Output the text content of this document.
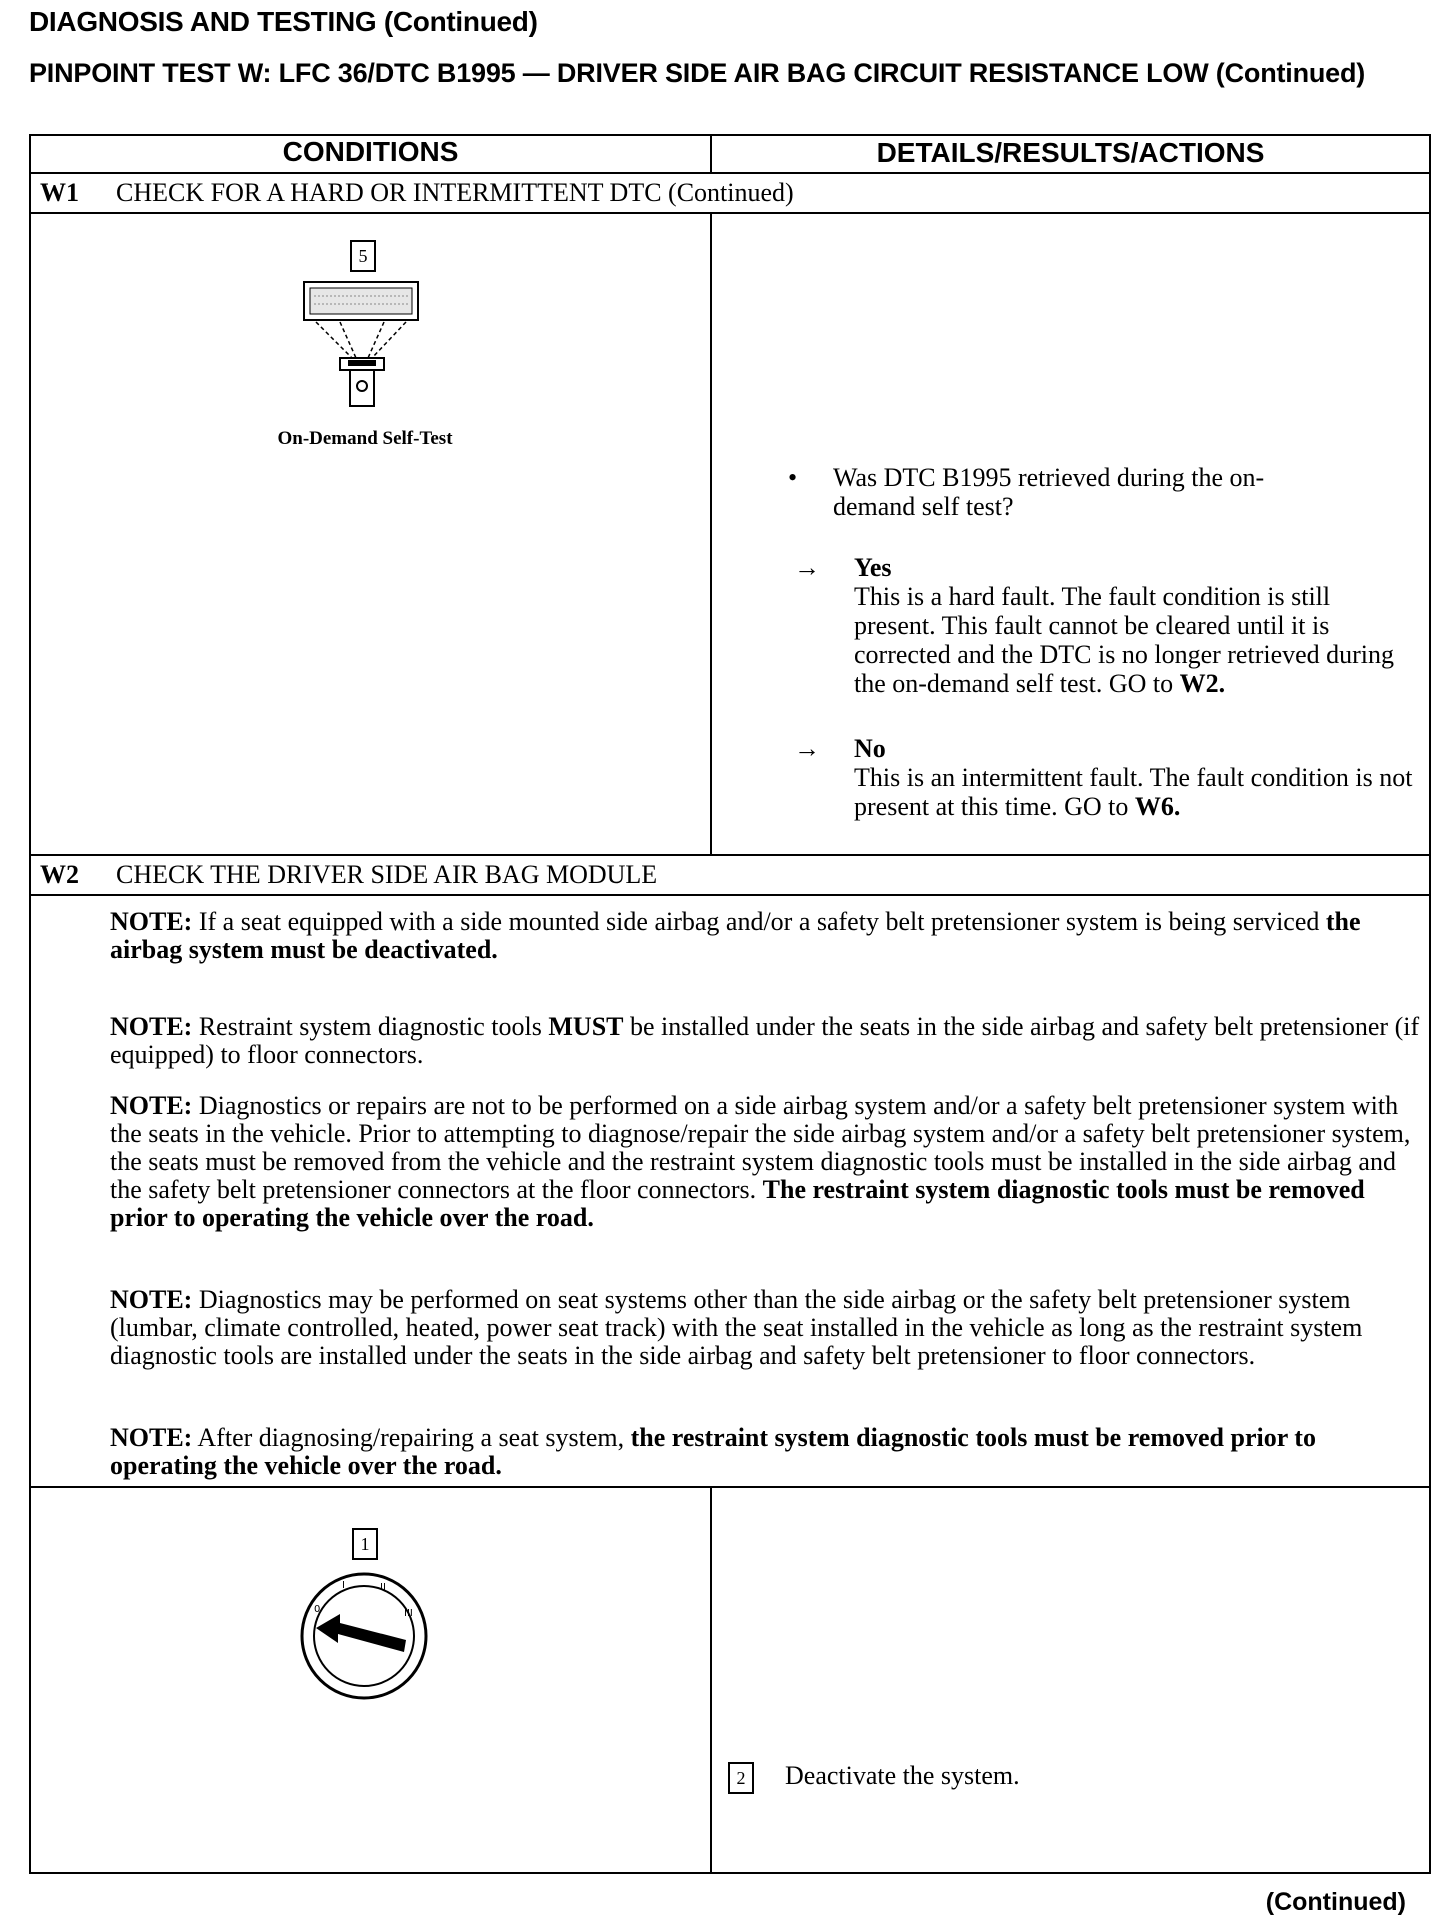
DIAGNOSIS AND TESTING (Continued)
PINPOINT TEST W: LFC 36/DTC B1995 — DRIVER SIDE AIR BAG CIRCUIT RESISTANCE LOW (Continued)
CONDITIONS	DETAILS/RESULTS/ACTIONS
W1 CHECK FOR A HARD OR INTERMITTENT DTC (Continued)
5
On-Demand Self-Test
• Was DTC B1995 retrieved during the on-demand self test?
→ Yes
This is a hard fault. The fault condition is still present. This fault cannot be cleared until it is corrected and the DTC is no longer retrieved during the on-demand self test. GO to W2.
→ No
This is an intermittent fault. The fault condition is not present at this time. GO to W6.
W2 CHECK THE DRIVER SIDE AIR BAG MODULE
NOTE: If a seat equipped with a side mounted side airbag and/or a safety belt pretensioner system is being serviced the airbag system must be deactivated.
NOTE: Restraint system diagnostic tools MUST be installed under the seats in the side airbag and safety belt pretensioner (if equipped) to floor connectors.
NOTE: Diagnostics or repairs are not to be performed on a side airbag system and/or a safety belt pretensioner system with the seats in the vehicle. Prior to attempting to diagnose/repair the side airbag system and/or a safety belt pretensioner system, the seats must be removed from the vehicle and the restraint system diagnostic tools must be installed in the side airbag and the safety belt pretensioner connectors at the floor connectors. The restraint system diagnostic tools must be removed prior to operating the vehicle over the road.
NOTE: Diagnostics may be performed on seat systems other than the side airbag or the safety belt pretensioner system (lumbar, climate controlled, heated, power seat track) with the seat installed in the vehicle as long as the restraint system diagnostic tools are installed under the seats in the side airbag and safety belt pretensioner to floor connectors.
NOTE: After diagnosing/repairing a seat system, the restraint system diagnostic tools must be removed prior to operating the vehicle over the road.
1
0
I	II
III
2	Deactivate the system.
(Continued)
